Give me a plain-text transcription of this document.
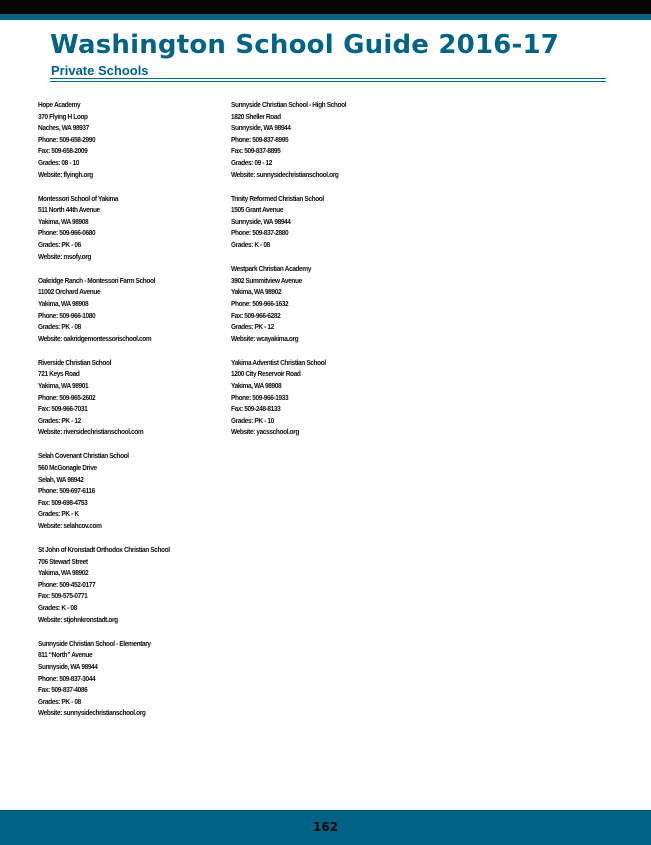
Washington School Guide 2016-17
Private Schools
Hope Academy
370 Flying H Loop
Naches, WA 98937
Phone: 509-658-2990
Fax: 509-658-2009
Grades: 08 - 10
Website: flyingh.org
Montessori School of Yakima
511 North 44th Avenue
Yakima, WA 98908
Phone: 509-966-0680
Grades: PK - 06
Website: msofy.org
Oakridge Ranch - Montessori Farm School
11002 Orchard Avenue
Yakima, WA 98908
Phone: 509-966-1080
Grades: PK - 08
Website: oakridgemontessorischool.com
Riverside Christian School
721 Keys Road
Yakima, WA 98901
Phone: 509-965-2602
Fax: 509-966-7031
Grades: PK - 12
Website: riversidechristianschool.com
Selah Covenant Christian School
560 McGonagle Drive
Selah, WA 98942
Phone: 509-697-6116
Fax: 509-698-4753
Grades: PK - K
Website: selahcov.com
St John of Kronstadt Orthodox Christian School
706 Stewart Street
Yakima, WA 98902
Phone: 509-452-0177
Fax: 509-575-0771
Grades: K - 08
Website: stjohnkronstadt.org
Sunnyside Christian School - Elementary
811 “North” Avenue
Sunnyside, WA 98944
Phone: 509-837-3044
Fax: 509-837-4086
Grades: PK - 08
Website: sunnysidechristianschool.org
Sunnyside Christian School - High School
1820 Sheller Road
Sunnyside, WA 98944
Phone: 509-837-8995
Fax: 509-837-8895
Grades: 09 - 12
Website: sunnysidechristianschool.org
Trinity Reformed Christian School
1505 Grant Avenue
Sunnyside, WA 98944
Phone: 509-837-2880
Grades: K - 08
Westpark Christian Academy
3902 Summitview Avenue
Yakima, WA 98902
Phone: 509-966-1632
Fax: 509-966-6282
Grades: PK - 12
Website: wcayakima.org
Yakima Adventist Christian School
1200 City Reservoir Road
Yakima, WA 98908
Phone: 509-966-1933
Fax: 509-248-8133
Grades: PK - 10
Website: yacsschool.org
162
